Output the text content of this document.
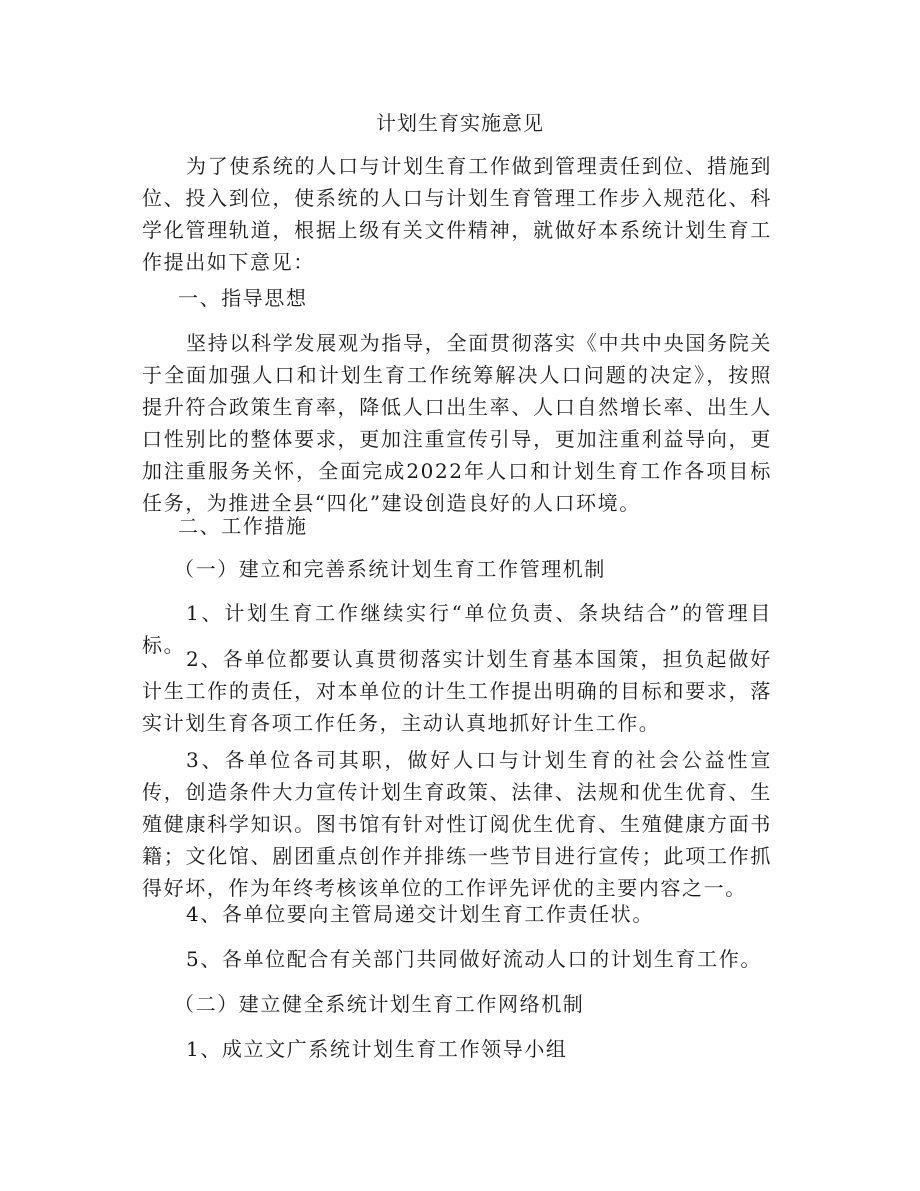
计划生育实施意见

为了使系统的人口与计划生育工作做到管理责任到位、措施到位、投入到位，使系统的人口与计划生育管理工作步入规范化、科学化管理轨道，根据上级有关文件精神，就做好本系统计划生育工作提出如下意见：

一、指导思想

坚持以科学发展观为指导，全面贯彻落实《中共中央国务院关于全面加强人口和计划生育工作统筹解决人口问题的决定》，按照提升符合政策生育率，降低人口出生率、人口自然增长率、出生人口性别比的整体要求，更加注重宣传引导，更加注重利益导向，更加注重服务关怀，全面完成2022年人口和计划生育工作各项目标任务，为推进全县“四化”建设创造良好的人口环境。

二、工作措施

（一）建立和完善系统计划生育工作管理机制

1、计划生育工作继续实行“单位负责、条块结合”的管理目标。

2、各单位都要认真贯彻落实计划生育基本国策，担负起做好计生工作的责任，对本单位的计生工作提出明确的目标和要求，落实计划生育各项工作任务，主动认真地抓好计生工作。

3、各单位各司其职，做好人口与计划生育的社会公益性宣传，创造条件大力宣传计划生育政策、法律、法规和优生优育、生殖健康科学知识。图书馆有针对性订阅优生优育、生殖健康方面书籍；文化馆、剧团重点创作并排练一些节目进行宣传；此项工作抓得好坏，作为年终考核该单位的工作评先评优的主要内容之一。

4、各单位要向主管局递交计划生育工作责任状。

5、各单位配合有关部门共同做好流动人口的计划生育工作。

（二）建立健全系统计划生育工作网络机制

1、成立文广系统计划生育工作领导小组
